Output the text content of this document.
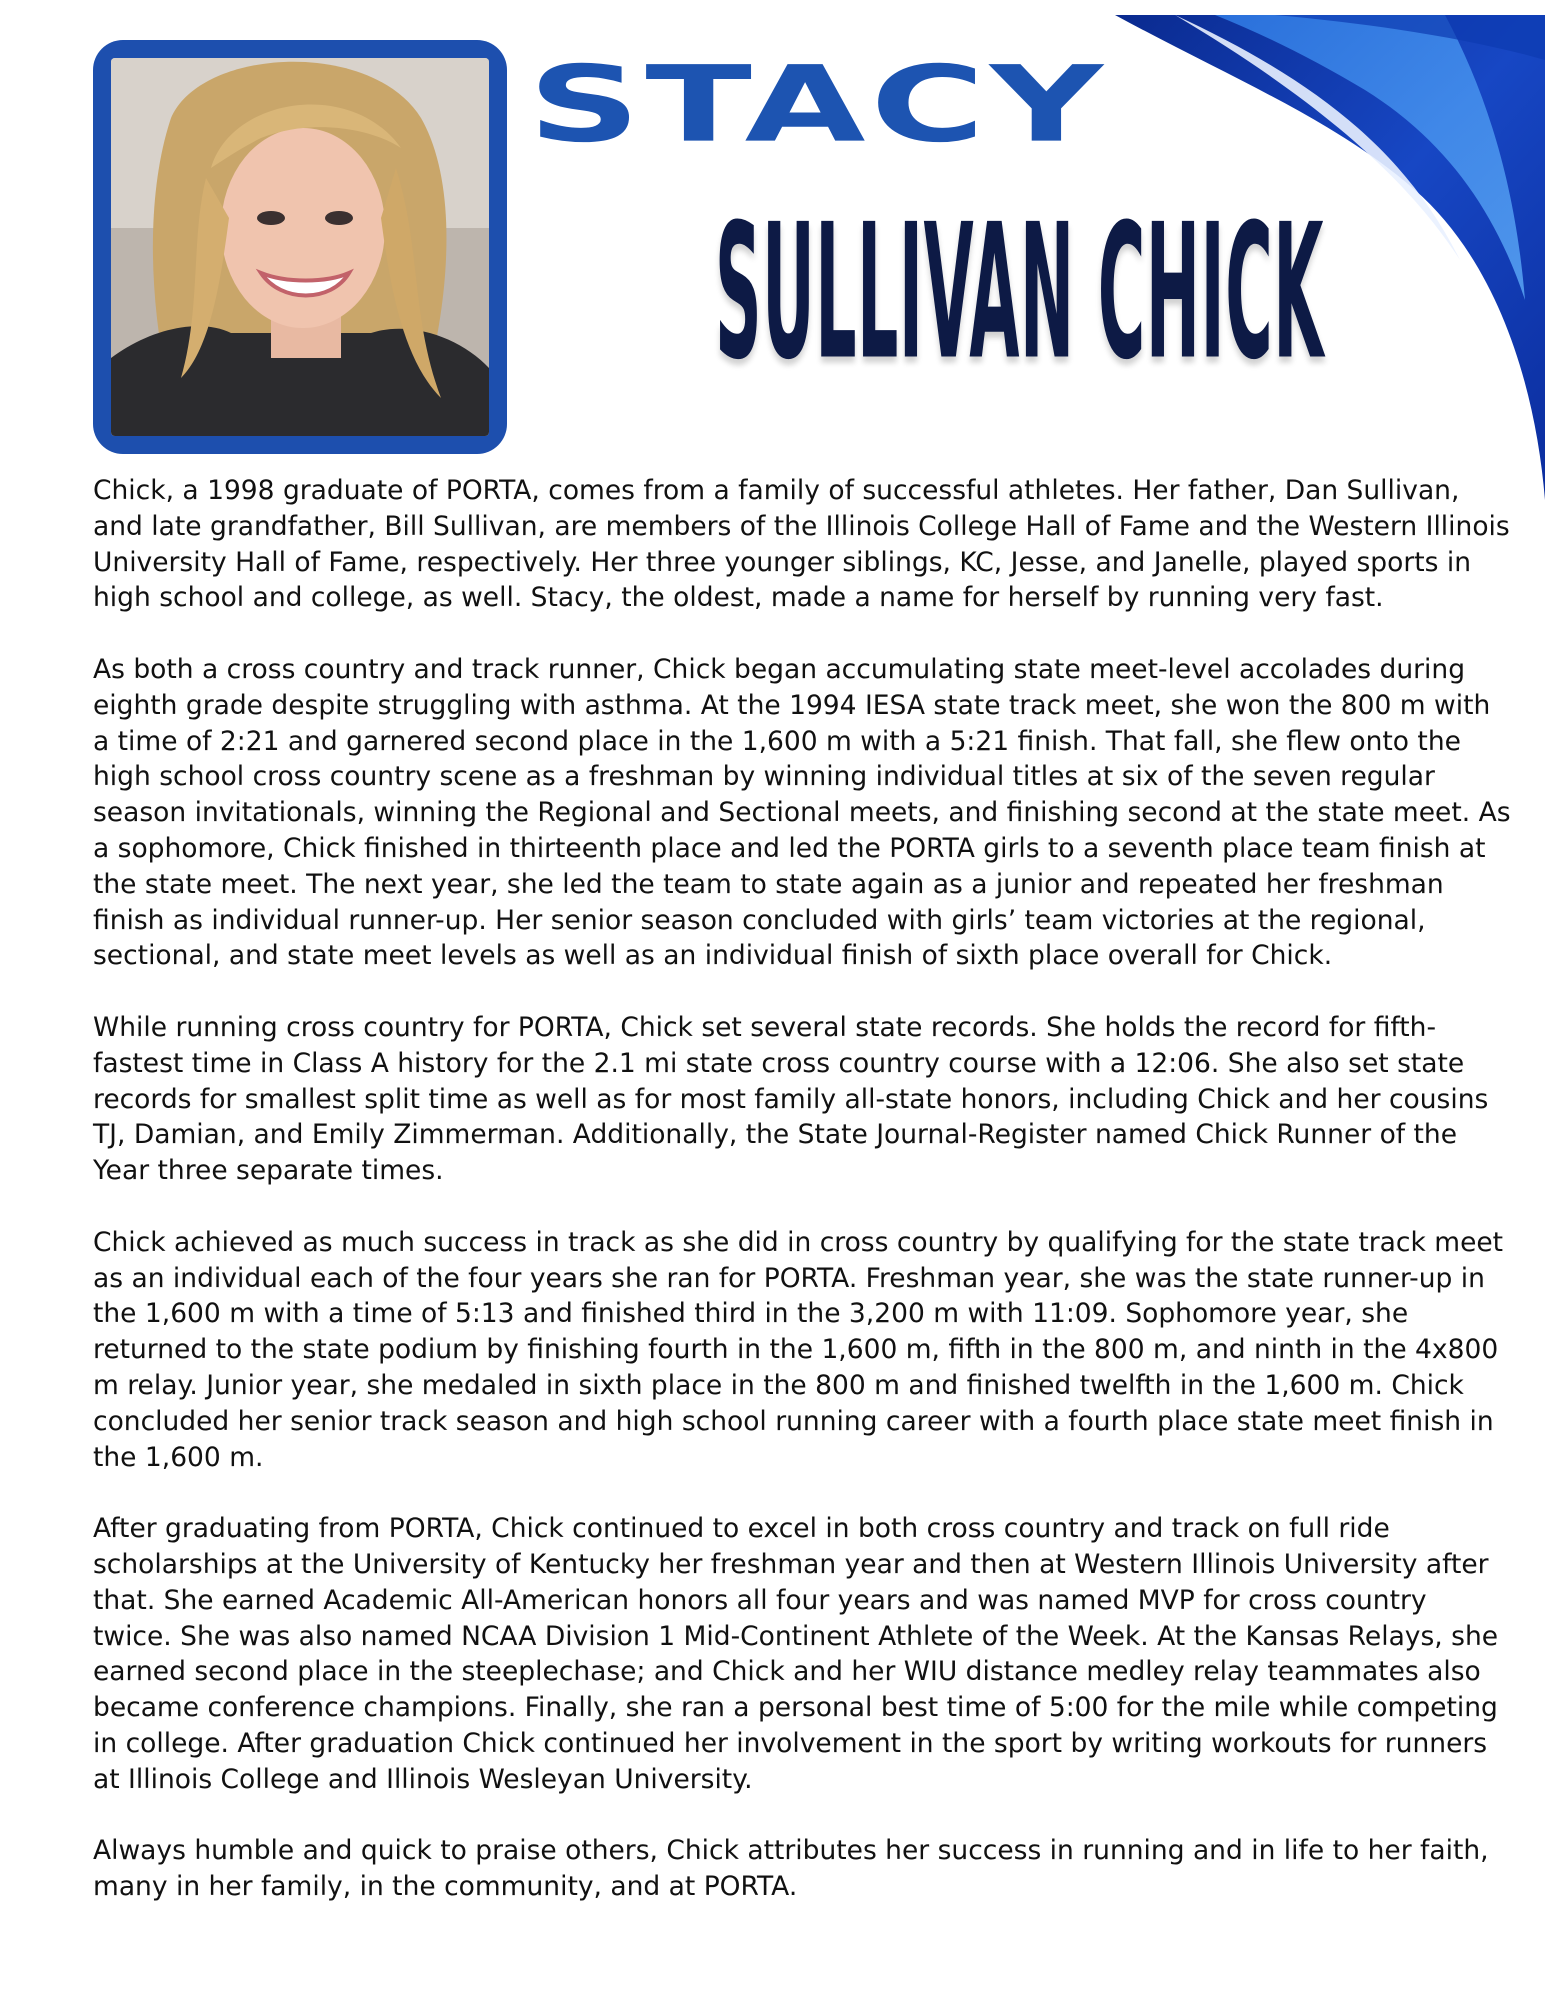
STACY
SULLIVAN CHICK

Chick, a 1998 graduate of PORTA, comes from a family of successful athletes. Her father, Dan Sullivan, and late grandfather, Bill Sullivan, are members of the Illinois College Hall of Fame and the Western Illinois University Hall of Fame, respectively. Her three younger siblings, KC, Jesse, and Janelle, played sports in high school and college, as well. Stacy, the oldest, made a name for herself by running very fast.

As both a cross country and track runner, Chick began accumulating state meet-level accolades during eighth grade despite struggling with asthma. At the 1994 IESA state track meet, she won the 800 m with a time of 2:21 and garnered second place in the 1,600 m with a 5:21 finish. That fall, she flew onto the high school cross country scene as a freshman by winning individual titles at six of the seven regular season invitationals, winning the Regional and Sectional meets, and finishing second at the state meet. As a sophomore, Chick finished in thirteenth place and led the PORTA girls to a seventh place team finish at the state meet. The next year, she led the team to state again as a junior and repeated her freshman finish as individual runner-up. Her senior season concluded with girls’ team victories at the regional, sectional, and state meet levels as well as an individual finish of sixth place overall for Chick.

While running cross country for PORTA, Chick set several state records. She holds the record for fifth-fastest time in Class A history for the 2.1 mi state cross country course with a 12:06. She also set state records for smallest split time as well as for most family all-state honors, including Chick and her cousins TJ, Damian, and Emily Zimmerman. Additionally, the State Journal-Register named Chick Runner of the Year three separate times.

Chick achieved as much success in track as she did in cross country by qualifying for the state track meet as an individual each of the four years she ran for PORTA. Freshman year, she was the state runner-up in the 1,600 m with a time of 5:13 and finished third in the 3,200 m with 11:09. Sophomore year, she returned to the state podium by finishing fourth in the 1,600 m, fifth in the 800 m, and ninth in the 4x800 m relay. Junior year, she medaled in sixth place in the 800 m and finished twelfth in the 1,600 m. Chick concluded her senior track season and high school running career with a fourth place state meet finish in the 1,600 m.

After graduating from PORTA, Chick continued to excel in both cross country and track on full ride scholarships at the University of Kentucky her freshman year and then at Western Illinois University after that. She earned Academic All-American honors all four years and was named MVP for cross country twice. She was also named NCAA Division 1 Mid-Continent Athlete of the Week. At the Kansas Relays, she earned second place in the steeplechase; and Chick and her WIU distance medley relay teammates also became conference champions. Finally, she ran a personal best time of 5:00 for the mile while competing in college. After graduation Chick continued her involvement in the sport by writing workouts for runners at Illinois College and Illinois Wesleyan University.

Always humble and quick to praise others, Chick attributes her success in running and in life to her faith, many in her family, in the community, and at PORTA.
